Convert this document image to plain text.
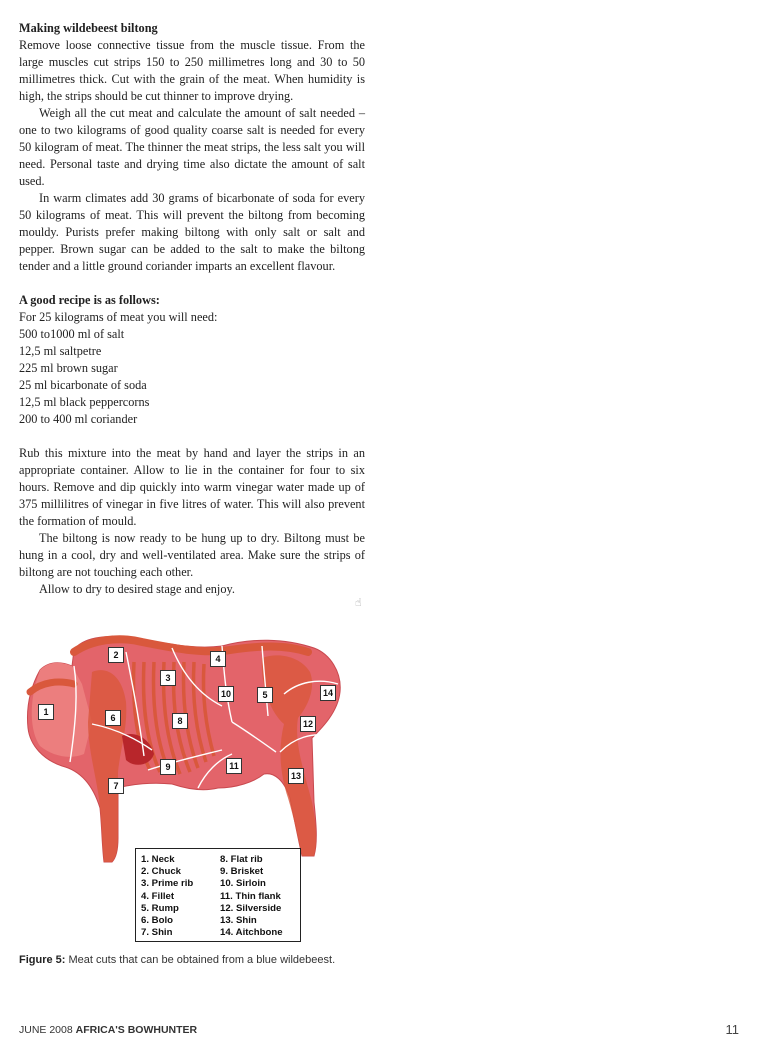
Making wildebeest biltong

Remove loose connective tissue from the muscle tissue. From the large muscles cut strips 150 to 250 millimetres long and 30 to 50 millimetres thick. Cut with the grain of the meat. When humidity is high, the strips should be cut thinner to improve drying.

Weigh all the cut meat and calculate the amount of salt needed – one to two kilograms of good quality coarse salt is needed for every 50 kilogram of meat. The thinner the meat strips, the less salt you will need. Personal taste and drying time also dictate the amount of salt used.

In warm climates add 30 grams of bicarbonate of soda for every 50 kilograms of meat. This will prevent the biltong from becoming mouldy. Purists prefer making biltong with only salt or salt and pepper. Brown sugar can be added to the salt to make the biltong tender and a little ground coriander imparts an excellent flavour.

A good recipe is as follows:

For 25 kilograms of meat you will need:
500 to1000 ml of salt
12,5 ml saltpetre
225 ml brown sugar
25 ml bicarbonate of soda
12,5 ml black peppercorns
200 to 400 ml coriander

Rub this mixture into the meat by hand and layer the strips in an appropriate container. Allow to lie in the container for four to six hours. Remove and dip quickly into warm vinegar water made up of 375 millilitres of vinegar in five litres of water. This will also prevent the formation of mould.

The biltong is now ready to be hung up to dry. Biltong must be hung in a cool, dry and well-ventilated area. Make sure the strips of biltong are not touching each other.

Allow to dry to desired stage and enjoy.

☝
1
2
3
4
5
6
7
8
9
10
11
12
13
14
1. Neck
2. Chuck
3. Prime rib
4. Fillet
5. Rump
6. Bolo
7. Shin
8. Flat rib
9. Brisket
10. Sirloin
11. Thin flank
12. Silverside
13. Shin
14. Aitchbone
Figure 5: Meat cuts that can be obtained from a blue wildebeest.
JUNE 2008 AFRICA'S BOWHUNTER	11
